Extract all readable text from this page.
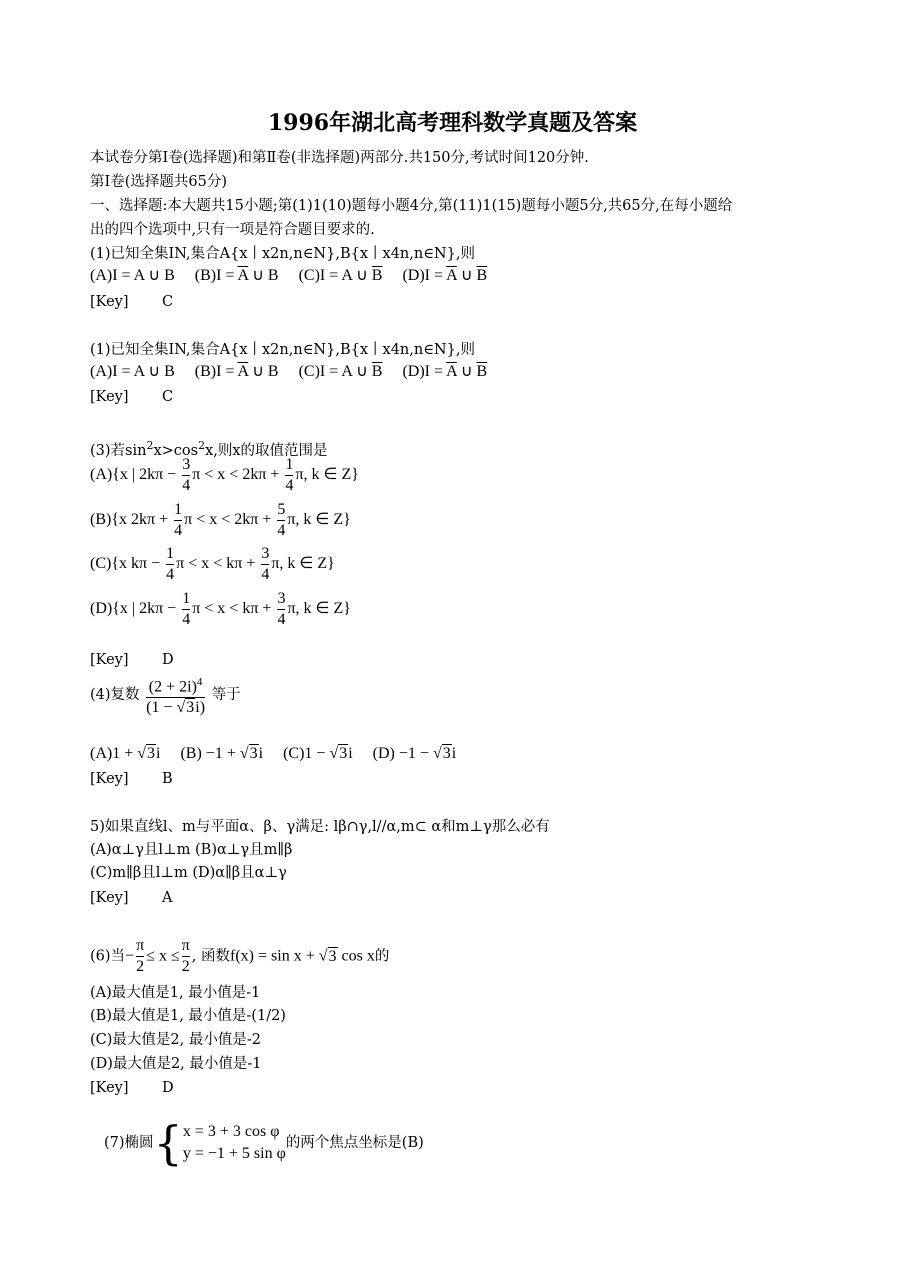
1996年湖北高考理科数学真题及答案
本试卷分第Ⅰ卷(选择题)和第Ⅱ卷(非选择题)两部分.共150分,考试时间120分钟.
第Ⅰ卷(选择题共65分)
一、选择题:本大题共15小题;第(1)1(10)题每小题4分,第(11)1(15)题每小题5分,共65分,在每小题给
出的四个选项中,只有一项是符合题目要求的.
(1)已知全集IN,集合A{x丨x2n,n∈N},B{x丨x4n,n∈N},则
(A)I = A ∪ B $(B)I = \overline{A}$ ∪ B (C)I = A ∪ $\overline{B}$ $(D)I = \overline{A}$ ∪ $\overline{B}$
[Key] C
(1)已知全集IN,集合A{x丨x2n,n∈N},B{x丨x4n,n∈N},则
(A)I = A ∪ B $(B)I = \overline{A}$ ∪ B (C)I = A ∪ $\overline{B}$ $(D)I = \overline{A}$ ∪ $\overline{B}$
[Key] C
(3)若$\sin^2x>\cos^2x$,则x的取值范围是
(A){x | $2k\pi - \frac{3}{4}$ $\pi < x < 2k\pi + \frac{1}{4} \pi$, k ∈ Z}
(B){x $2k\pi + \frac{1}{4}$ $\pi < x < 2k\pi + \frac{5}{4} \pi$, k ∈ Z}
(C){x $k\pi - \frac{1}{4}$ $\pi < x < k\pi + \frac{3}{4} \pi$, k ∈ Z}
(D){x | $2k\pi - \frac{1}{4}$ $\pi < x < k\pi + \frac{3}{4} \pi$, k ∈ Z}
[Key] D
(4)复数 $\frac{(2 + 2i)^4}{(1 - √3i)}$ 等于
(A)1 + √3i (B) −1 + √3i (C)1 − √3i (D) −1 − √3i
[Key] B
5)如果直线l、m与平面α、β、γ满足: lβ∩γ,l//α,m⊂ α和m⊥γ那么必有
(A)α⊥γ且l⊥m (B)α⊥γ且m∥β
(C)m∥β且l⊥m (D)α∥β且α⊥γ
[Key] A
(6)当− $\frac{\pi}{2} \le x \le \frac{\pi}{2}$ , 函数f(x) = sin x + √3 cos x的
(A)最大值是1, 最小值是-1
(B)最大值是1, 最小值是-(1/2)
(C)最大值是2, 最小值是-2
(D)最大值是2, 最小值是-1
[Key] D
(7)椭圆{ x = 3 + 3 cos φ
y = −1 + 5 sin φ
的两个焦点坐标是(B)
